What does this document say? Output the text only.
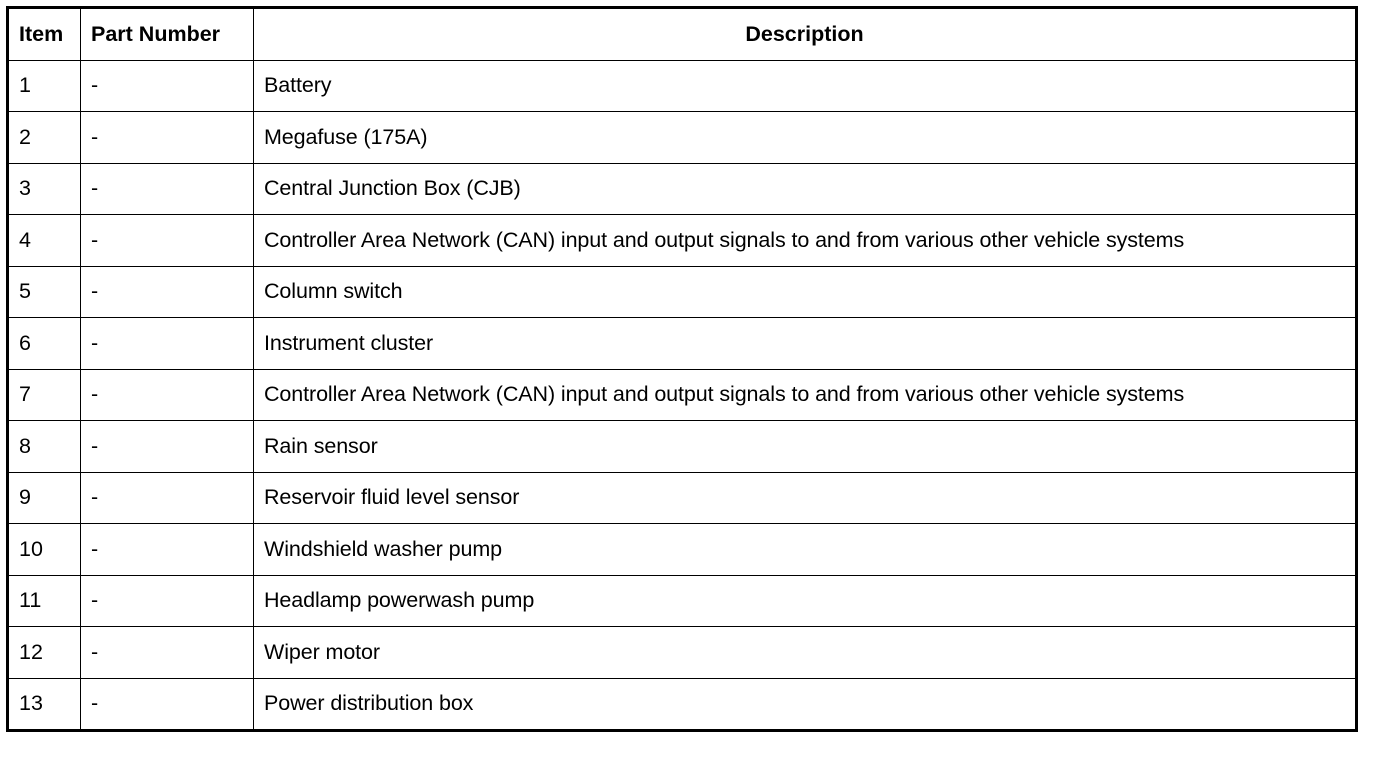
Item	Part Number	Description
1	-	Battery
2	-	Megafuse (175A)
3	-	Central Junction Box (CJB)
4	-	Controller Area Network (CAN) input and output signals to and from various other vehicle systems
5	-	Column switch
6	-	Instrument cluster
7	-	Controller Area Network (CAN) input and output signals to and from various other vehicle systems
8	-	Rain sensor
9	-	Reservoir fluid level sensor
10	-	Windshield washer pump
11	-	Headlamp powerwash pump
12	-	Wiper motor
13	-	Power distribution box
